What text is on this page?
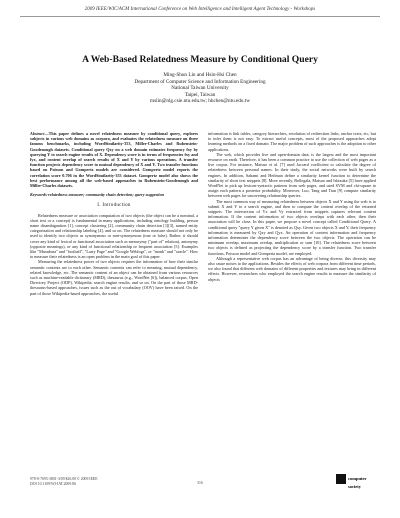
2009 IEEE/WIC/ACM International Conference on Web Intelligence and Intelligent Agent Technology - Workshops
A Web-Based Relatedness Measure by Conditional Query
Ming-Shun Lin and Hsin-Hsi Chen
Department of Computer Science and Information Engineering
National Taiwan University
Taipei, Taiwan
mslin@nlg.csie.ntu.edu.tw; hhchen@ntu.edu.tw
Abstract—This paper defines a novel relatedness measure by conditional query, explores subjects in various web domains as corpora, and evaluates the relatedness measure on three famous benchmarks, including WordSimilarity-353, Miller-Charles and Rubenstein-Goodenough datasets. Conditional query Qxy on a web domain estimates frequency fxy by querying Y to search engine results of X. Dependency score is in terms of frequencies fxy and fyx, and content overlap of search results of X and Y by various operations. A transfer function projects dependency score to mutual dependency of X and Y. Two transfer functions based on Poisson and Gompertz models are considered. Gompertz model reports the correlation score 0.706 in the WordSimilarity-353 dataset. Gompertz model also shows the best performance among all the web-based approaches in Rubenstein-Goodenough and Miller-Charles datasets.
Keywords-relatedness measure; community chain detection; query suggestion
I. Introduction

Relatedness measure or association computation of two objects (the object can be a nominal, a short text or a concept) is fundamental in many applications, including ontology building, person name disambiguation [1], concept clustering [2], community chain detection [1][3], named entity categorization and relationship labeling [4], and so on. The relatedness measure should not only be used to identify two objects as synonymous or non-synonymous (true or false). Rather, it should cover any kind of lexical or functional association such as meronymy ("part of" relation), antonymy (opposite meanings), or any kind of functional relationship or frequent association [5]. Examples like "Maradona" and "football", "Larry Page" and "Google Weblogs", or "monk" and "oracle". How to measure their relatedness is an open problem in the main goal of this paper.

Measuring the relatedness power of two objects requires the information of how their similar semantic contents are to each other. Semantic contents can refer to meaning, mutual dependency, related knowledge, etc. The semantic content of an object can be obtained from various resources such as machine-readable dictionary (MRD), thesaurus (e.g., WordNet [6]), balanced corpus, Open Directory Project (ODP), Wikipedia, search engine results, and so on. On the part of those MRD-thesaurus-based approaches, issues such as the out of vocabulary (OOV) have been raised. On the part of those Wikipedia-based approaches, the useful

information is link tables, category hierarchies, resolution of redirection links, anchor texts, etc, but to infer them is not easy. To extract useful concepts, most of the proposed approaches adopt learning methods on a fixed domain. The major problem of such approaches is the adoption to other applications.

The web, which provides live and open-domain data, is the largest and the most important resource on earth. Therefore, it has been a common practice to use the collection of web pages as a live corpus. For instance, Matsuo et al. [7] used Jaccard coefficient to calculate the degree of relatedness between personal names. In their study, the social networks were built by search engines. In addition, Sahami and Heilman define a similarity kernel function to determine the similarity of short text snippets [8]. More recently, Bollegala, Matsuo and Ishizuka [5] have applied WordNet to pick up lexicon-syntactic patterns from web pages, and used SVM and chi-square to assign each pattern a posterior probability. Moreover, Luo, Tang and Tian [9] compute similarity between web pages for uncovering relationship queries.

The most common way of measuring relatedness between objects X and Y using the web is to submit X and Y to a search engine, and then to compute the content overlap of the returned snippets. The intersection of Vx and Vy extracted from snippets captures relevant content information. If the content information of two objects overlaps with each other, then their association will be close. In this paper, we propose a novel concept called Conditional Query. A conditional query "query Y given X" is denoted as Qxy. Given two objects X and Y, their frequency information is measured by Qxy and Qyx. An operation of content information and frequency information determines the dependency score between the two objects. The operation can be minimum overlap, maximum overlap, multiplication or sum [10]. The relatedness score between two objects is defined as projecting the dependency score by a transfer function. Two transfer functions, Poisson model and Gompertz model, are employed.

Although a representative web corpus has an advantage of being diverse, this diversity may also cause noises to the applications. Besides the effects of web corpora from different time periods, we also found that different web domains of different properties and textures may bring in different effects. However, researchers who employed the search engine results to measure the similarity of objects

978-0-7695-3801-3/09 $26.00 © 2009 IEEE
DOI 10.1109/WI-IAT.2009.86	316
computer
society
